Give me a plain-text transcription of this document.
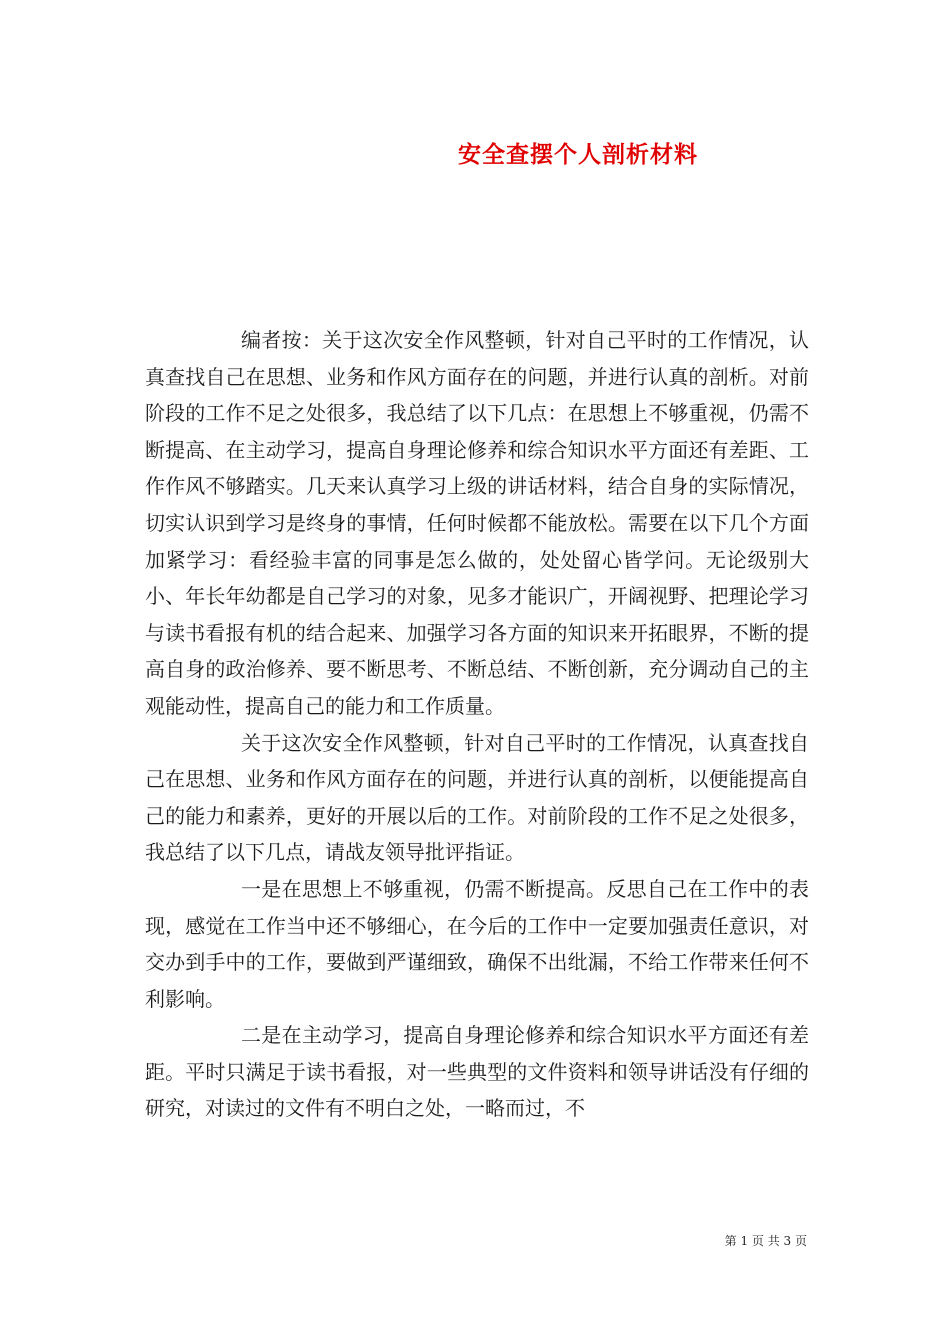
安全查摆个人剖析材料

编者按：关于这次安全作风整顿，针对自己平时的工作情况，认真查找自己在思想、业务和作风方面存在的问题，并进行认真的剖析。对前阶段的工作不足之处很多，我总结了以下几点：在思想上不够重视，仍需不断提高、在主动学习，提高自身理论修养和综合知识水平方面还有差距、工作作风不够踏实。几天来认真学习上级的讲话材料，结合自身的实际情况，切实认识到学习是终身的事情，任何时候都不能放松。需要在以下几个方面加紧学习：看经验丰富的同事是怎么做的，处处留心皆学问。无论级别大小、年长年幼都是自己学习的对象，见多才能识广，开阔视野、把理论学习与读书看报有机的结合起来、加强学习各方面的知识来开拓眼界，不断的提高自身的政治修养、要不断思考、不断总结、不断创新，充分调动自己的主观能动性，提高自己的能力和工作质量。

关于这次安全作风整顿，针对自己平时的工作情况，认真查找自己在思想、业务和作风方面存在的问题，并进行认真的剖析，以便能提高自己的能力和素养，更好的开展以后的工作。对前阶段的工作不足之处很多，我总结了以下几点，请战友领导批评指证。

一是在思想上不够重视，仍需不断提高。反思自己在工作中的表现，感觉在工作当中还不够细心，在今后的工作中一定要加强责任意识，对交办到手中的工作，要做到严谨细致，确保不出纰漏，不给工作带来任何不利影响。

二是在主动学习，提高自身理论修养和综合知识水平方面还有差距。平时只满足于读书看报，对一些典型的文件资料和领导讲话没有仔细的研究，对读过的文件有不明白之处，一略而过，不

第 1 页 共 3 页
